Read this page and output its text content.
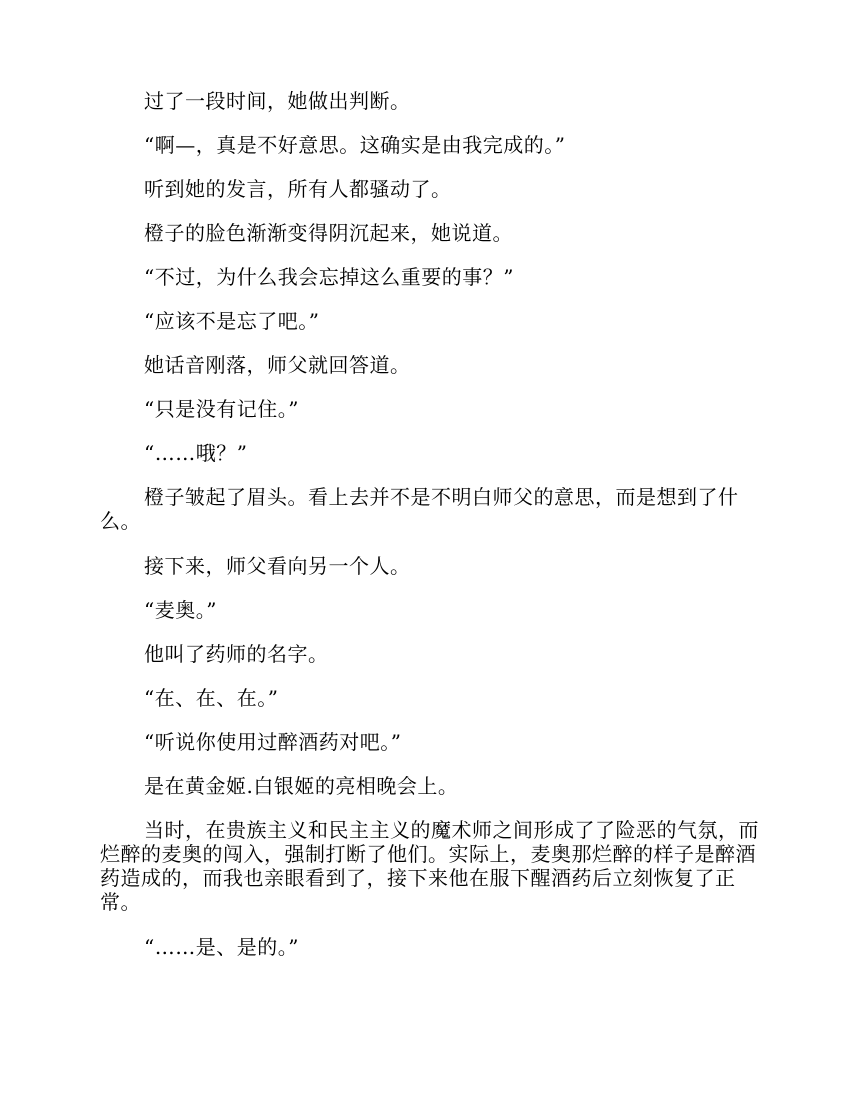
过了一段时间，她做出判断。

“啊—，真是不好意思。这确实是由我完成的。”

听到她的发言，所有人都骚动了。

橙子的脸色渐渐变得阴沉起来，她说道。

“不过，为什么我会忘掉这么重要的事？”

“应该不是忘了吧。”

她话音刚落，师父就回答道。

“只是没有记住。”

“……哦？”

橙子皱起了眉头。看上去并不是不明白师父的意思，而是想到了什么。

接下来，师父看向另一个人。

“麦奥。”

他叫了药师的名字。

“在、在、在。”

“听说你使用过醉酒药对吧。”

是在黄金姬.白银姬的亮相晚会上。

当时，在贵族主义和民主主义的魔术师之间形成了了险恶的气氛，而烂醉的麦奥的闯入，强制打断了他们。实际上，麦奥那烂醉的样子是醉酒药造成的，而我也亲眼看到了，接下来他在服下醒酒药后立刻恢复了正常。

“……是、是的。”
